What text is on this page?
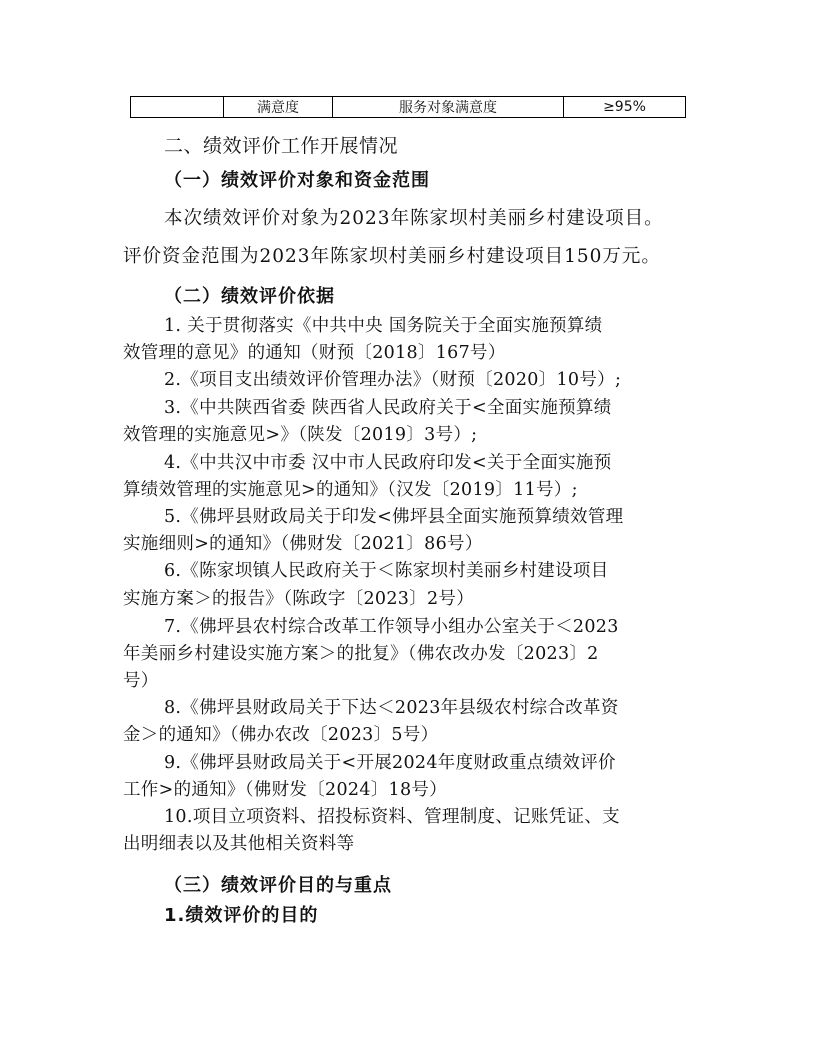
	满意度	服务对象满意度	≥95%
二、绩效评价工作开展情况
（一）绩效评价对象和资金范围
本次绩效评价对象为2023年陈家坝村美丽乡村建设项目。
评价资金范围为2023年陈家坝村美丽乡村建设项目150万元。
（二）绩效评价依据
1. 关于贯彻落实《中共中央 国务院关于全面实施预算绩
效管理的意见》的通知（财预〔2018〕167号）
2.《项目支出绩效评价管理办法》（财预〔2020〕10号）;
3.《中共陕西省委 陕西省人民政府关于<全面实施预算绩
效管理的实施意见>》（陕发〔2019〕3号）;
4.《中共汉中市委 汉中市人民政府印发<关于全面实施预
算绩效管理的实施意见>的通知》（汉发〔2019〕11号）;
5.《佛坪县财政局关于印发<佛坪县全面实施预算绩效管理
实施细则>的通知》（佛财发〔2021〕86号）
6.《陈家坝镇人民政府关于＜陈家坝村美丽乡村建设项目
实施方案＞的报告》（陈政字〔2023〕2号）
7.《佛坪县农村综合改革工作领导小组办公室关于＜2023
年美丽乡村建设实施方案＞的批复》（佛农改办发〔2023〕2
号）
8.《佛坪县财政局关于下达＜2023年县级农村综合改革资
金＞的通知》（佛办农改〔2023〕5号）
9.《佛坪县财政局关于<开展2024年度财政重点绩效评价
工作>的通知》（佛财发〔2024〕18号）
10.项目立项资料、招投标资料、管理制度、记账凭证、支
出明细表以及其他相关资料等
（三）绩效评价目的与重点
1.绩效评价的目的
